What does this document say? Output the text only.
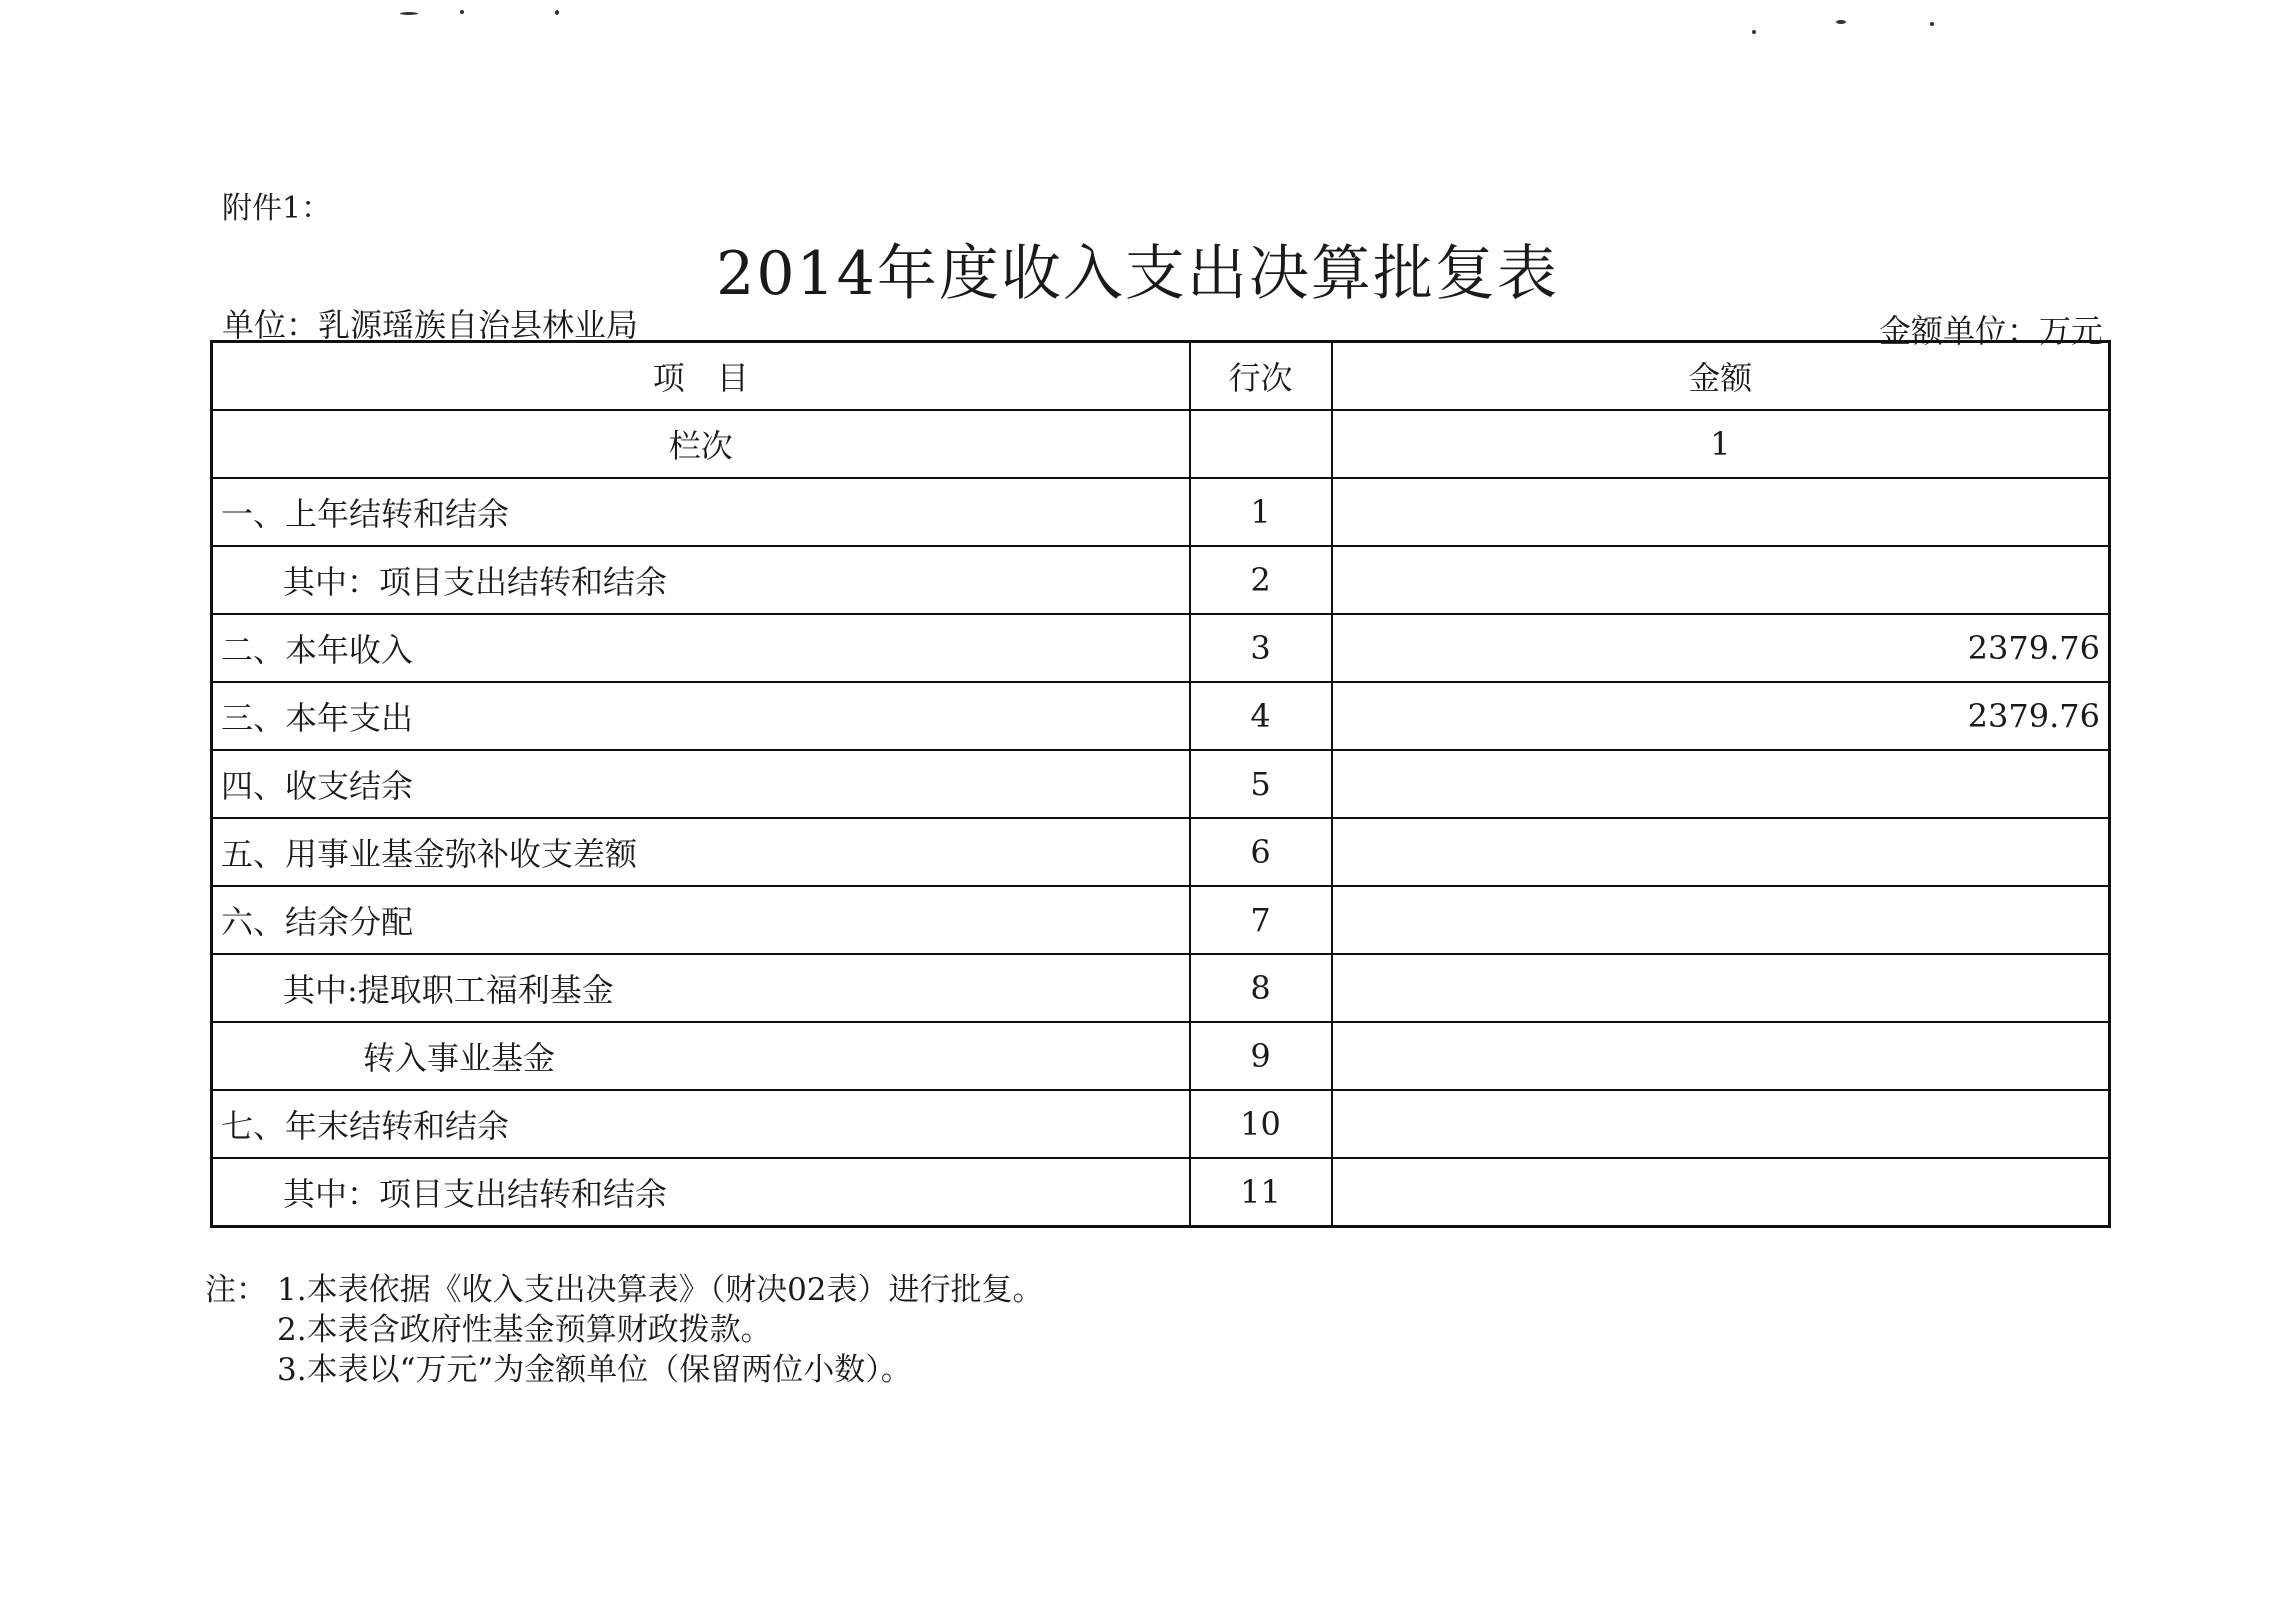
附件1：
2014年度收入支出决算批复表
单位：乳源瑶族自治县林业局	金额单位：万元
项　目	行次	金额
栏次		1
一、上年结转和结余	1	
其中：项目支出结转和结余	2	
二、本年收入	3	2379.76
三、本年支出	4	2379.76
四、收支结余	5	
五、用事业基金弥补收支差额	6	
六、结余分配	7	
其中:提取职工福利基金	8	
转入事业基金	9	
七、年末结转和结余	10	
其中：项目支出结转和结余	11	
注： 1.本表依据《收入支出决算表》（财决02表）进行批复。
2.本表含政府性基金预算财政拨款。
3.本表以“万元”为金额单位（保留两位小数）。
